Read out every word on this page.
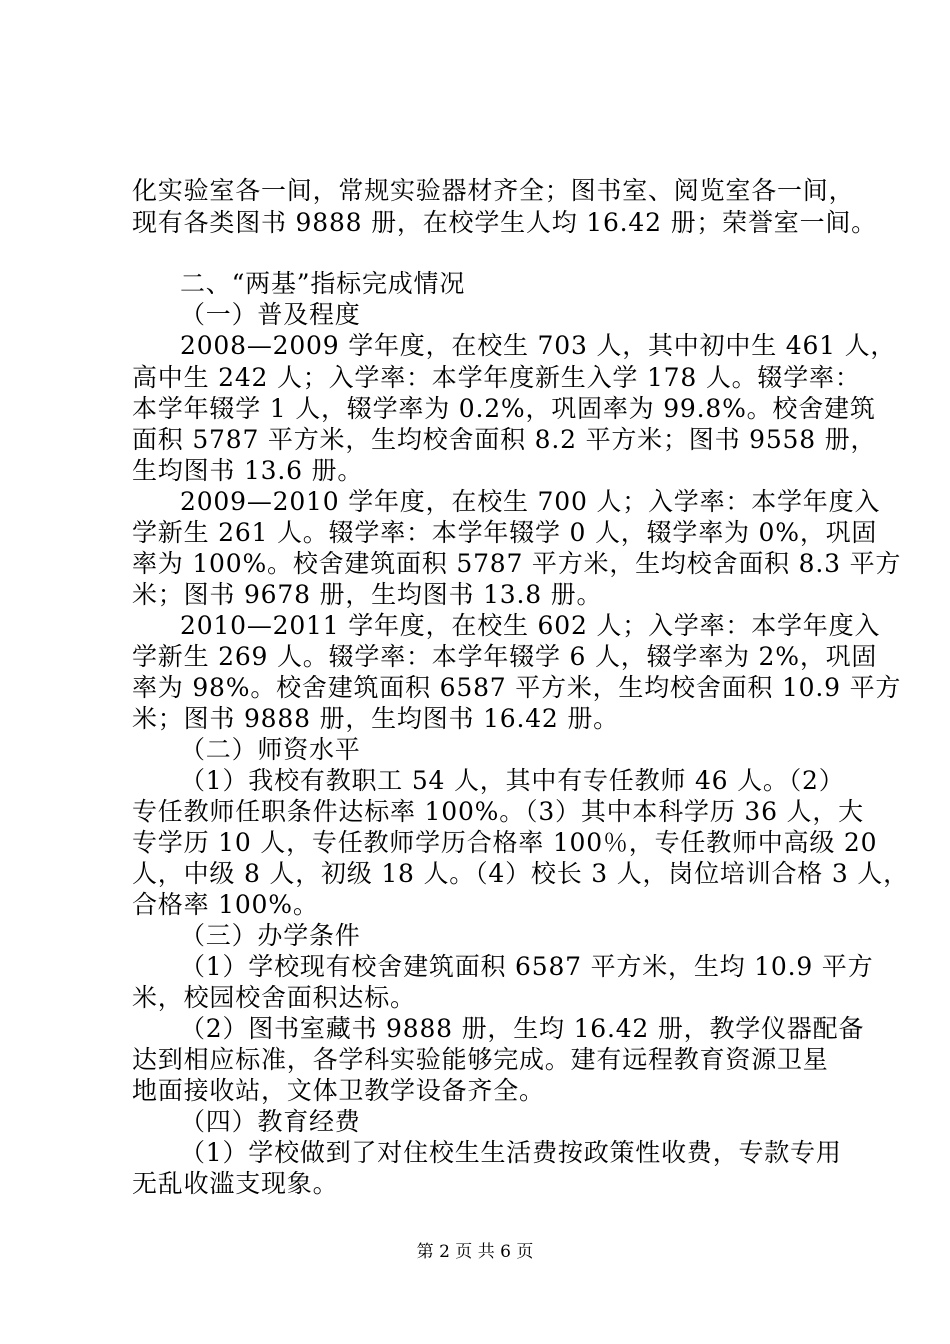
化实验室各一间，常规实验器材齐全；图书室、阅览室各一间，
现有各类图书 9888 册，在校学生人均 16.42 册；荣誉室一间。
二、“两基”指标完成情况
（一）普及程度
2008—2009 学年度，在校生 703 人，其中初中生 461 人，
高中生 242 人；入学率：本学年度新生入学 178 人。辍学率：
本学年辍学 1 人，辍学率为 0.2%，巩固率为 99.8%。校舍建筑
面积 5787 平方米，生均校舍面积 8.2 平方米；图书 9558 册，
生均图书 13.6 册。
2009—2010 学年度，在校生 700 人；入学率：本学年度入
学新生 261 人。辍学率：本学年辍学 0 人，辍学率为 0%，巩固
率为 100%。校舍建筑面积 5787 平方米，生均校舍面积 8.3 平方
米；图书 9678 册，生均图书 13.8 册。
2010—2011 学年度，在校生 602 人；入学率：本学年度入
学新生 269 人。辍学率：本学年辍学 6 人，辍学率为 2%，巩固
率为 98%。校舍建筑面积 6587 平方米，生均校舍面积 10.9 平方
米；图书 9888 册，生均图书 16.42 册。
（二）师资水平
（1）我校有教职工 54 人，其中有专任教师 46 人。（2）
专任教师任职条件达标率 100%。（3）其中本科学历 36 人，大
专学历 10 人，专任教师学历合格率 100％，专任教师中高级 20
人，中级 8 人，初级 18 人。（4）校长 3 人，岗位培训合格 3 人，
合格率 100%。
（三）办学条件
（1）学校现有校舍建筑面积 6587 平方米，生均 10.9 平方
米，校园校舍面积达标。
（2）图书室藏书 9888 册，生均 16.42 册，教学仪器配备
达到相应标准，各学科实验能够完成。建有远程教育资源卫星
地面接收站，文体卫教学设备齐全。
（四）教育经费
（1）学校做到了对住校生生活费按政策性收费，专款专用
无乱收滥支现象。
第 2 页 共 6 页
